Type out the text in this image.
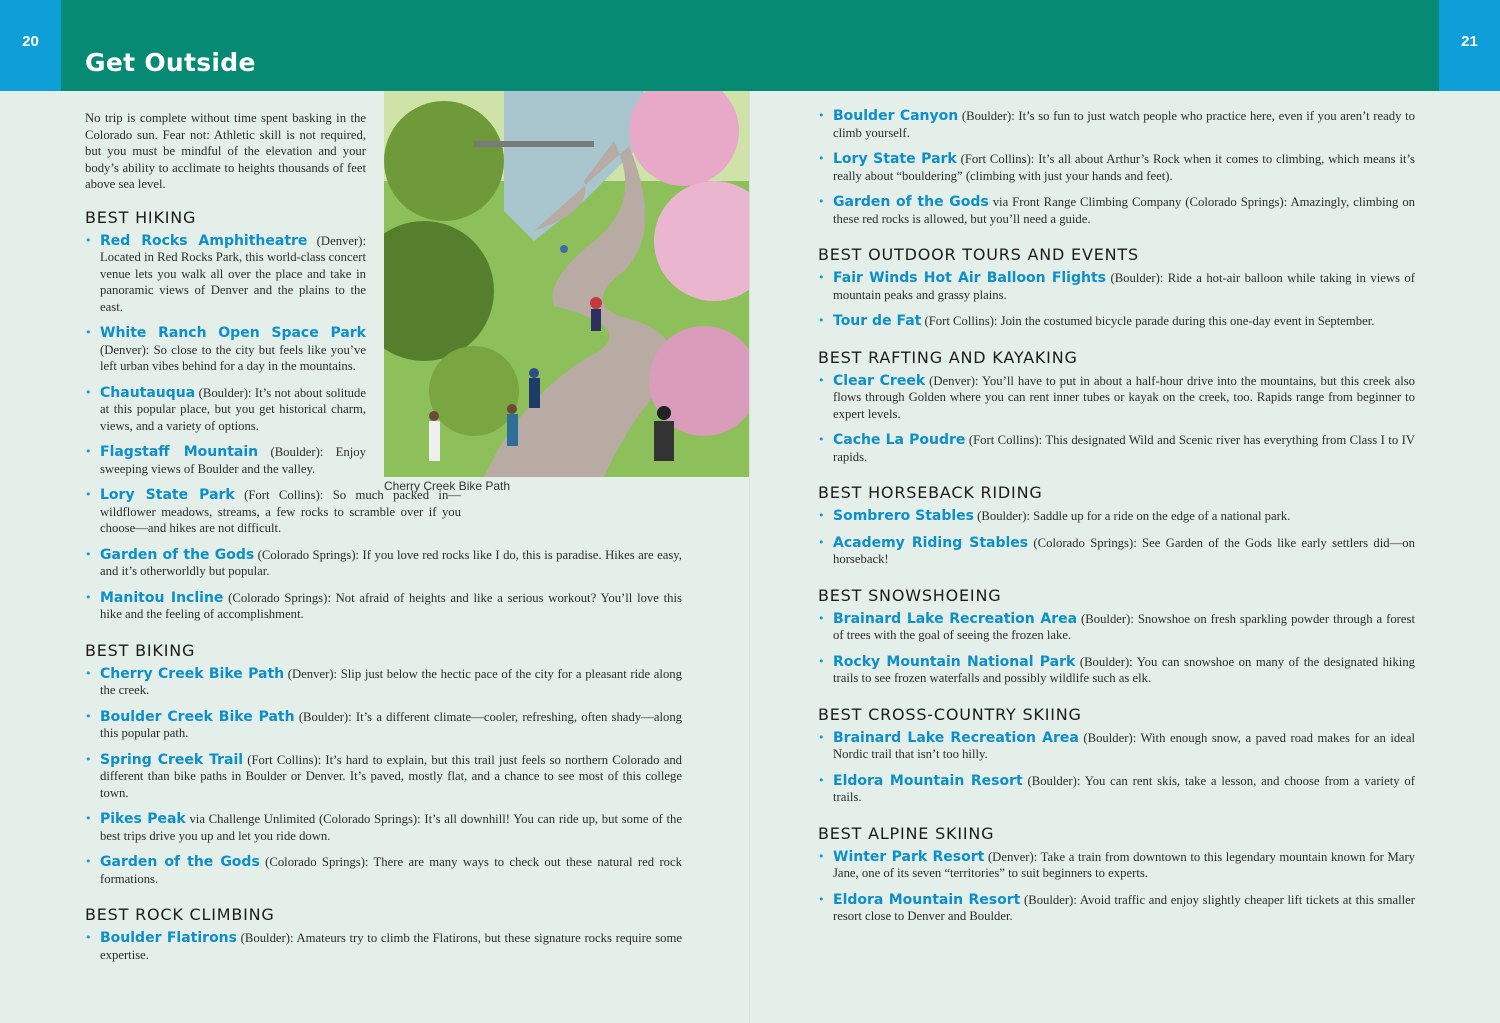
20	21
Get Outside
Cherry Creek Bike Path

No trip is complete without time spent basking in the Colorado sun. Fear not: Athletic skill is not required, but you must be mindful of the elevation and your body’s ability to acclimate to heights thousands of feet above sea level.

BEST HIKING
• Red Rocks Amphitheatre (Denver): Located in Red Rocks Park, this world-class concert venue lets you walk all over the place and take in panoramic views of Denver and the plains to the east.
• White Ranch Open Space Park (Denver): So close to the city but feels like you’ve left urban vibes behind for a day in the mountains.
• Chautauqua (Boulder): It’s not about solitude at this popular place, but you get historical charm, views, and a variety of options.
• Flagstaff Mountain (Boulder): Enjoy sweeping views of Boulder and the valley.
• Lory State Park (Fort Collins): So much packed in—wildflower meadows, streams, a few rocks to scramble over if you choose—and hikes are not difficult.
• Garden of the Gods (Colorado Springs): If you love red rocks like I do, this is paradise. Hikes are easy, and it’s otherworldly but popular.
• Manitou Incline (Colorado Springs): Not afraid of heights and like a serious workout? You’ll love this hike and the feeling of accomplishment.
BEST BIKING
• Cherry Creek Bike Path (Denver): Slip just below the hectic pace of the city for a pleasant ride along the creek.
• Boulder Creek Bike Path (Boulder): It’s a different climate—cooler, refreshing, often shady—along this popular path.
• Spring Creek Trail (Fort Collins): It’s hard to explain, but this trail just feels so northern Colorado and different than bike paths in Boulder or Denver. It’s paved, mostly flat, and a chance to see most of this college town.
• Pikes Peak via Challenge Unlimited (Colorado Springs): It’s all downhill! You can ride up, but some of the best trips drive you up and let you ride down.
• Garden of the Gods (Colorado Springs): There are many ways to check out these natural red rock formations.
BEST ROCK CLIMBING
• Boulder Flatirons (Boulder): Amateurs try to climb the Flatirons, but these signature rocks require some expertise.
• Boulder Canyon (Boulder): It’s so fun to just watch people who practice here, even if you aren’t ready to climb yourself.
• Lory State Park (Fort Collins): It’s all about Arthur’s Rock when it comes to climbing, which means it’s really about “bouldering” (climbing with just your hands and feet).
• Garden of the Gods via Front Range Climbing Company (Colorado Springs): Amazingly, climbing on these red rocks is allowed, but you’ll need a guide.
BEST OUTDOOR TOURS AND EVENTS
• Fair Winds Hot Air Balloon Flights (Boulder): Ride a hot-air balloon while taking in views of mountain peaks and grassy plains.
• Tour de Fat (Fort Collins): Join the costumed bicycle parade during this one-day event in September.
BEST RAFTING AND KAYAKING
• Clear Creek (Denver): You’ll have to put in about a half-hour drive into the mountains, but this creek also flows through Golden where you can rent inner tubes or kayak on the creek, too. Rapids range from beginner to expert levels.
• Cache La Poudre (Fort Collins): This designated Wild and Scenic river has everything from Class I to IV rapids.
BEST HORSEBACK RIDING
• Sombrero Stables (Boulder): Saddle up for a ride on the edge of a national park.
• Academy Riding Stables (Colorado Springs): See Garden of the Gods like early settlers did—on horseback!
BEST SNOWSHOEING
• Brainard Lake Recreation Area (Boulder): Snowshoe on fresh sparkling powder through a forest of trees with the goal of seeing the frozen lake.
• Rocky Mountain National Park (Boulder): You can snowshoe on many of the designated hiking trails to see frozen waterfalls and possibly wildlife such as elk.
BEST CROSS-COUNTRY SKIING
• Brainard Lake Recreation Area (Boulder): With enough snow, a paved road makes for an ideal Nordic trail that isn’t too hilly.
• Eldora Mountain Resort (Boulder): You can rent skis, take a lesson, and choose from a variety of trails.
BEST ALPINE SKIING
• Winter Park Resort (Denver): Take a train from downtown to this legendary mountain known for Mary Jane, one of its seven “territories” to suit beginners to experts.
• Eldora Mountain Resort (Boulder): Avoid traffic and enjoy slightly cheaper lift tickets at this smaller resort close to Denver and Boulder.
